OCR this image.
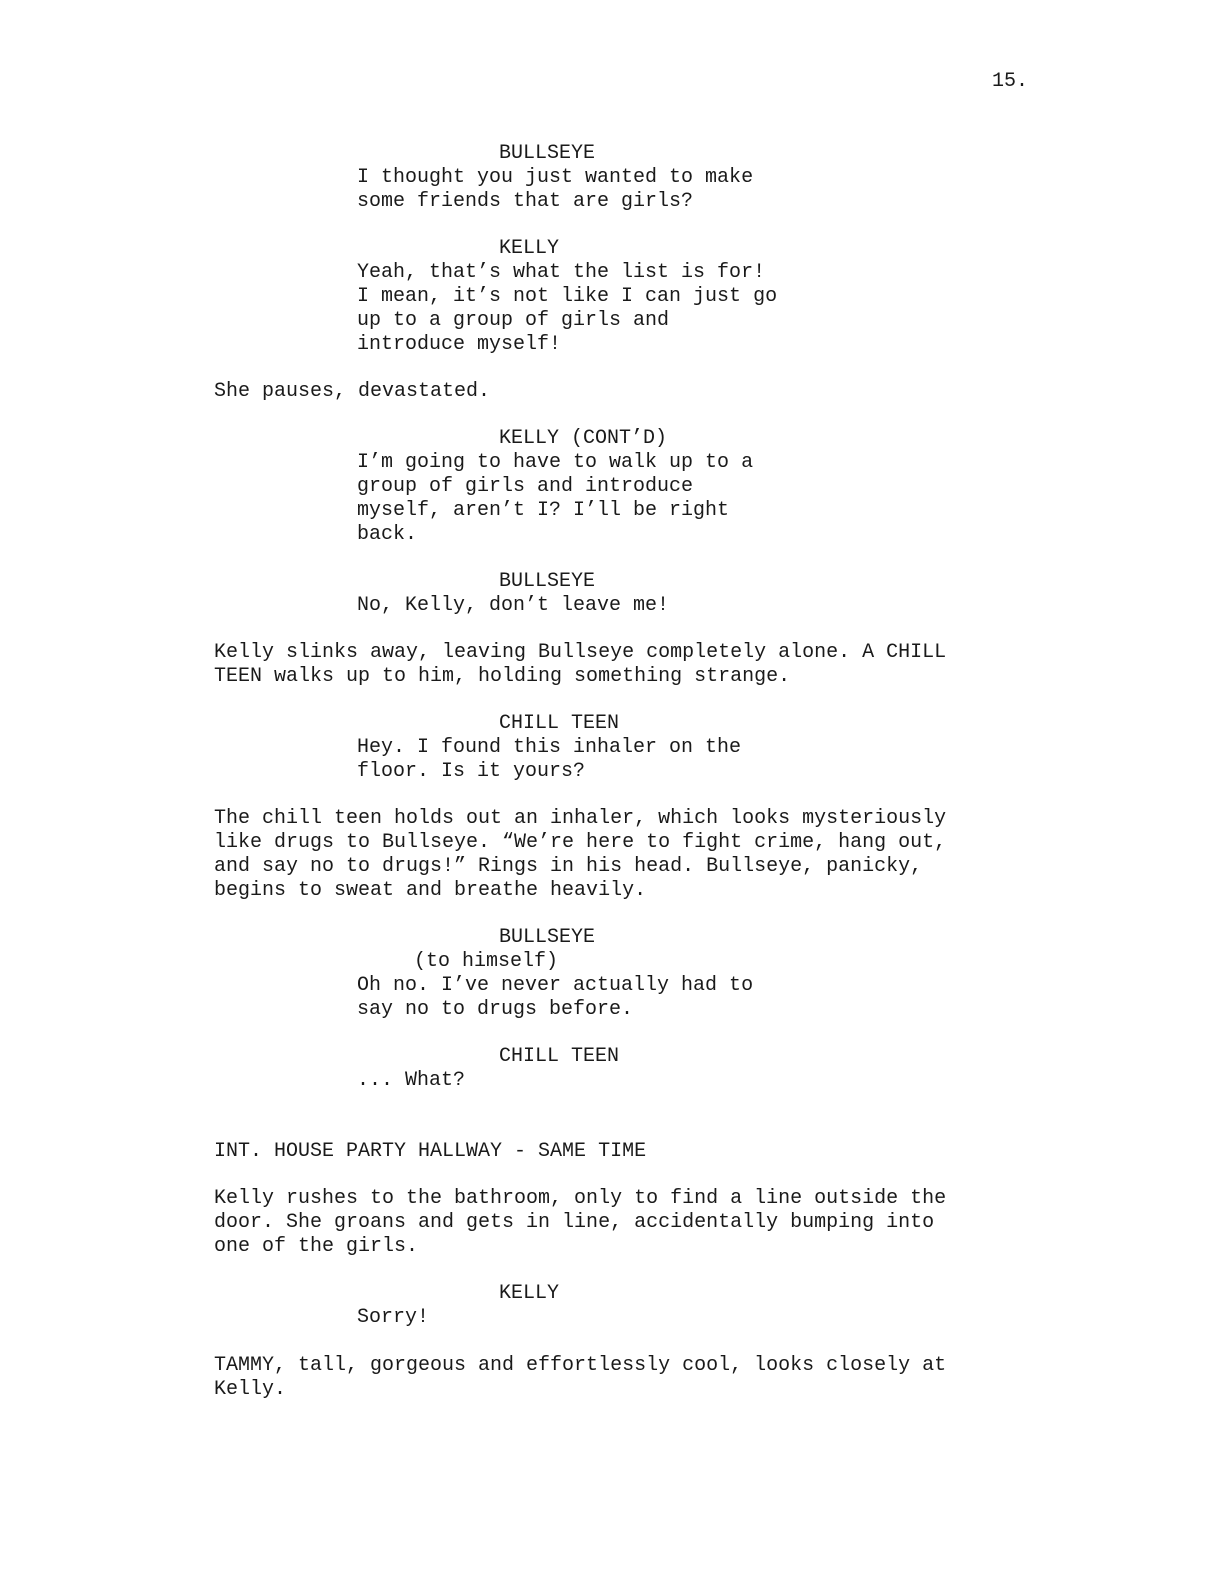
15.
BULLSEYE
I thought you just wanted to make
some friends that are girls?
KELLY
Yeah, that’s what the list is for!
I mean, it’s not like I can just go
up to a group of girls and
introduce myself!
She pauses, devastated.
KELLY (CONT’D)
I’m going to have to walk up to a
group of girls and introduce
myself, aren’t I? I’ll be right
back.
BULLSEYE
No, Kelly, don’t leave me!
Kelly slinks away, leaving Bullseye completely alone. A CHILL
TEEN walks up to him, holding something strange.
CHILL TEEN
Hey. I found this inhaler on the
floor. Is it yours?
The chill teen holds out an inhaler, which looks mysteriously
like drugs to Bullseye. “We’re here to fight crime, hang out,
and say no to drugs!” Rings in his head. Bullseye, panicky,
begins to sweat and breathe heavily.
BULLSEYE
(to himself)
Oh no. I’ve never actually had to
say no to drugs before.
CHILL TEEN
... What?
INT. HOUSE PARTY HALLWAY - SAME TIME
Kelly rushes to the bathroom, only to find a line outside the
door. She groans and gets in line, accidentally bumping into
one of the girls.
KELLY
Sorry!
TAMMY, tall, gorgeous and effortlessly cool, looks closely at
Kelly.
